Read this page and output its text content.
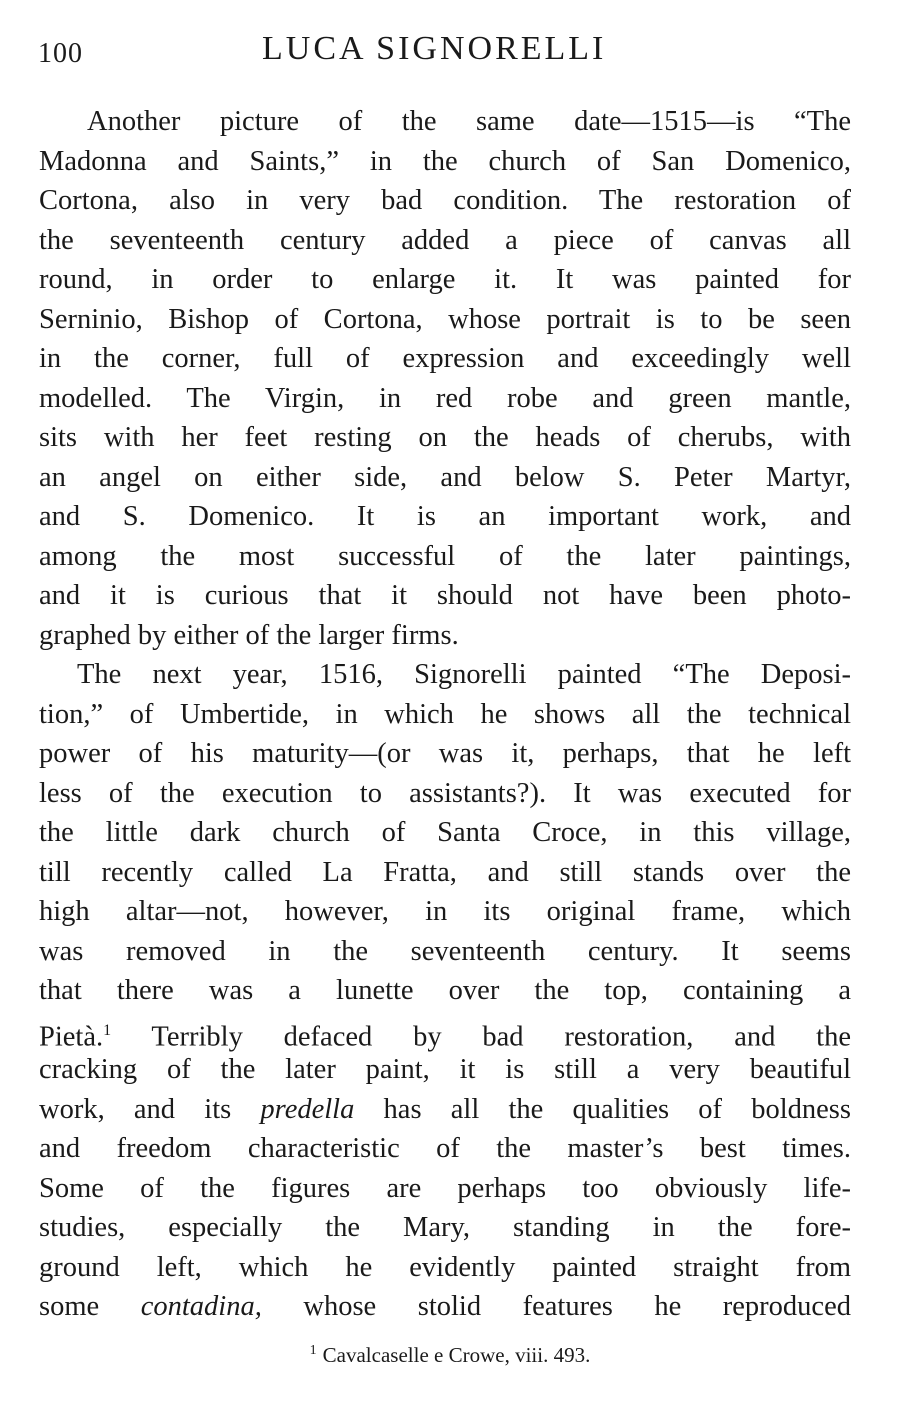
100	LUCA SIGNORELLI
Another picture of the same date—1515—is “The
Madonna and Saints,” in the church of San Domenico,
Cortona, also in very bad condition. The restoration of
the seventeenth century added a piece of canvas all
round, in order to enlarge it. It was painted for
Serninio, Bishop of Cortona, whose portrait is to be seen
in the corner, full of expression and exceedingly well
modelled. The Virgin, in red robe and green mantle,
sits with her feet resting on the heads of cherubs, with
an angel on either side, and below S. Peter Martyr,
and S. Domenico. It is an important work, and
among the most successful of the later paintings,
and it is curious that it should not have been photo-
graphed by either of the larger firms.
The next year, 1516, Signorelli painted “The Deposi-
tion,” of Umbertide, in which he shows all the technical
power of his maturity—(or was it, perhaps, that he left
less of the execution to assistants?). It was executed for
the little dark church of Santa Croce, in this village,
till recently called La Fratta, and still stands over the
high altar—not, however, in its original frame, which
was removed in the seventeenth century. It seems
that there was a lunette over the top, containing a
Pietà.$^1$ Terribly defaced by bad restoration, and the
cracking of the later paint, it is still a very beautiful
work, and its predella has all the qualities of boldness
and freedom characteristic of the master’s best times.
Some of the figures are perhaps too obviously life-
studies, especially the Mary, standing in the fore-
ground left, which he evidently painted straight from
some contadina, whose stolid features he reproduced
$^1$ Cavalcaselle e Crowe, viii. 493.
